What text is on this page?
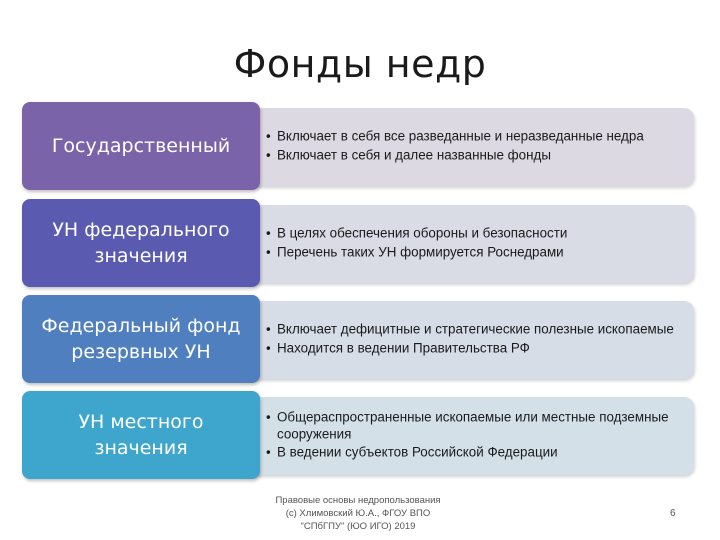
Фонды недр
• Включает в себя все разведанные и неразведанные недра
• Включает в себя и далее названные фонды
Государственный
• В целях обеспечения обороны и безопасности
• Перечень таких УН формируется Роснедрами
УН федерального
значения
• Включает дефицитные и стратегические полезные ископаемые
• Находится в ведении Правительства РФ
Федеральный фонд
резервных УН
• Общераспространенные ископаемые или местные подземные сооружения
• В ведении субъектов Российской Федерации
УН местного
значения
Правовые основы недропользования
(с) Хлимовский Ю.А., ФГОУ ВПО
"СПбГПУ" (ЮО ИГО) 2019
6
